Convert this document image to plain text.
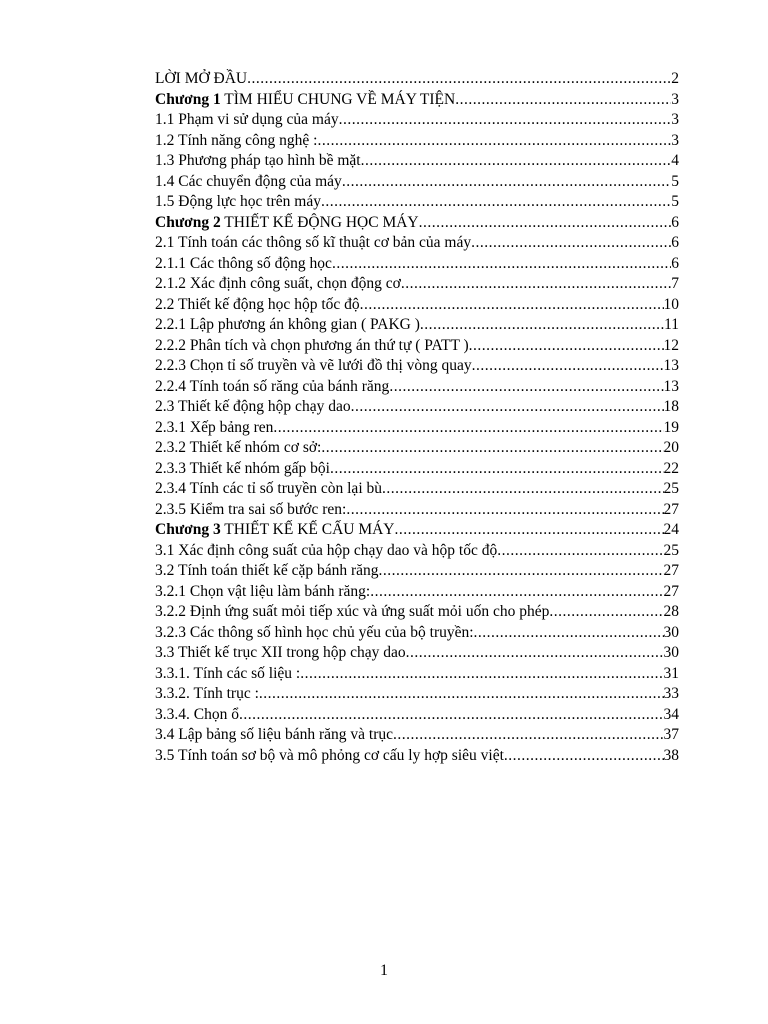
LỜI MỞ ĐẦU .....	2
Chương 1 TÌM HIỂU CHUNG VỀ MÁY TIỆN .....	3
1.1 Phạm vi sử dụng của máy .....	3
1.2 Tính năng công nghệ : .....	3
1.3 Phương pháp tạo hình bề mặt .....	4
1.4 Các chuyển động của máy .....	5
1.5 Động lực học trên máy .....	5
Chương 2 THIẾT KẾ ĐỘNG HỌC MÁY .....	6
2.1 Tính toán các thông số kĩ thuật cơ bản của máy .....	6
2.1.1 Các thông số động học .....	6
2.1.2 Xác định công suất, chọn động cơ .....	7
2.2 Thiết kế động học hộp tốc độ .....	10
2.2.1 Lập phương án không gian ( PAKG ) .....	11
2.2.2 Phân tích và chọn phương án thứ tự ( PATT ) .....	12
2.2.3 Chọn tỉ số truyền và vẽ lưới đồ thị vòng quay .....	13
2.2.4 Tính toán số răng của bánh răng .....	13
2.3 Thiết kế động hộp chạy dao .....	18
2.3.1 Xếp bảng ren .....	19
2.3.2 Thiết kế nhóm cơ sở: .....	20
2.3.3 Thiết kế nhóm gấp bội .....	22
2.3.4 Tính các tỉ số truyền còn lại bù .....	25
2.3.5 Kiểm tra sai số bước ren: .....	27
Chương 3 THIẾT KẾ KẾ CẤU MÁY .....	24
3.1 Xác định công suất của hộp chạy dao và hộp tốc độ .....	25
3.2 Tính toán thiết kế cặp bánh răng .....	27
3.2.1 Chọn vật liệu làm bánh răng: .....	27
3.2.2 Định ứng suất mỏi tiếp xúc và ứng suất mỏi uốn cho phép .....	28
3.2.3 Các thông số hình học chủ yếu của bộ truyền: .....	30
3.3 Thiết kế trục XII trong hộp chạy dao .....	30
3.3.1. Tính các số liệu : .....	31
3.3.2. Tính trục : .....	33
3.3.4. Chọn ổ .....	34
3.4 Lập bảng số liệu bánh răng và trục .....	37
3.5 Tính toán sơ bộ và mô phỏng cơ cấu ly hợp siêu việt .....	38
1
